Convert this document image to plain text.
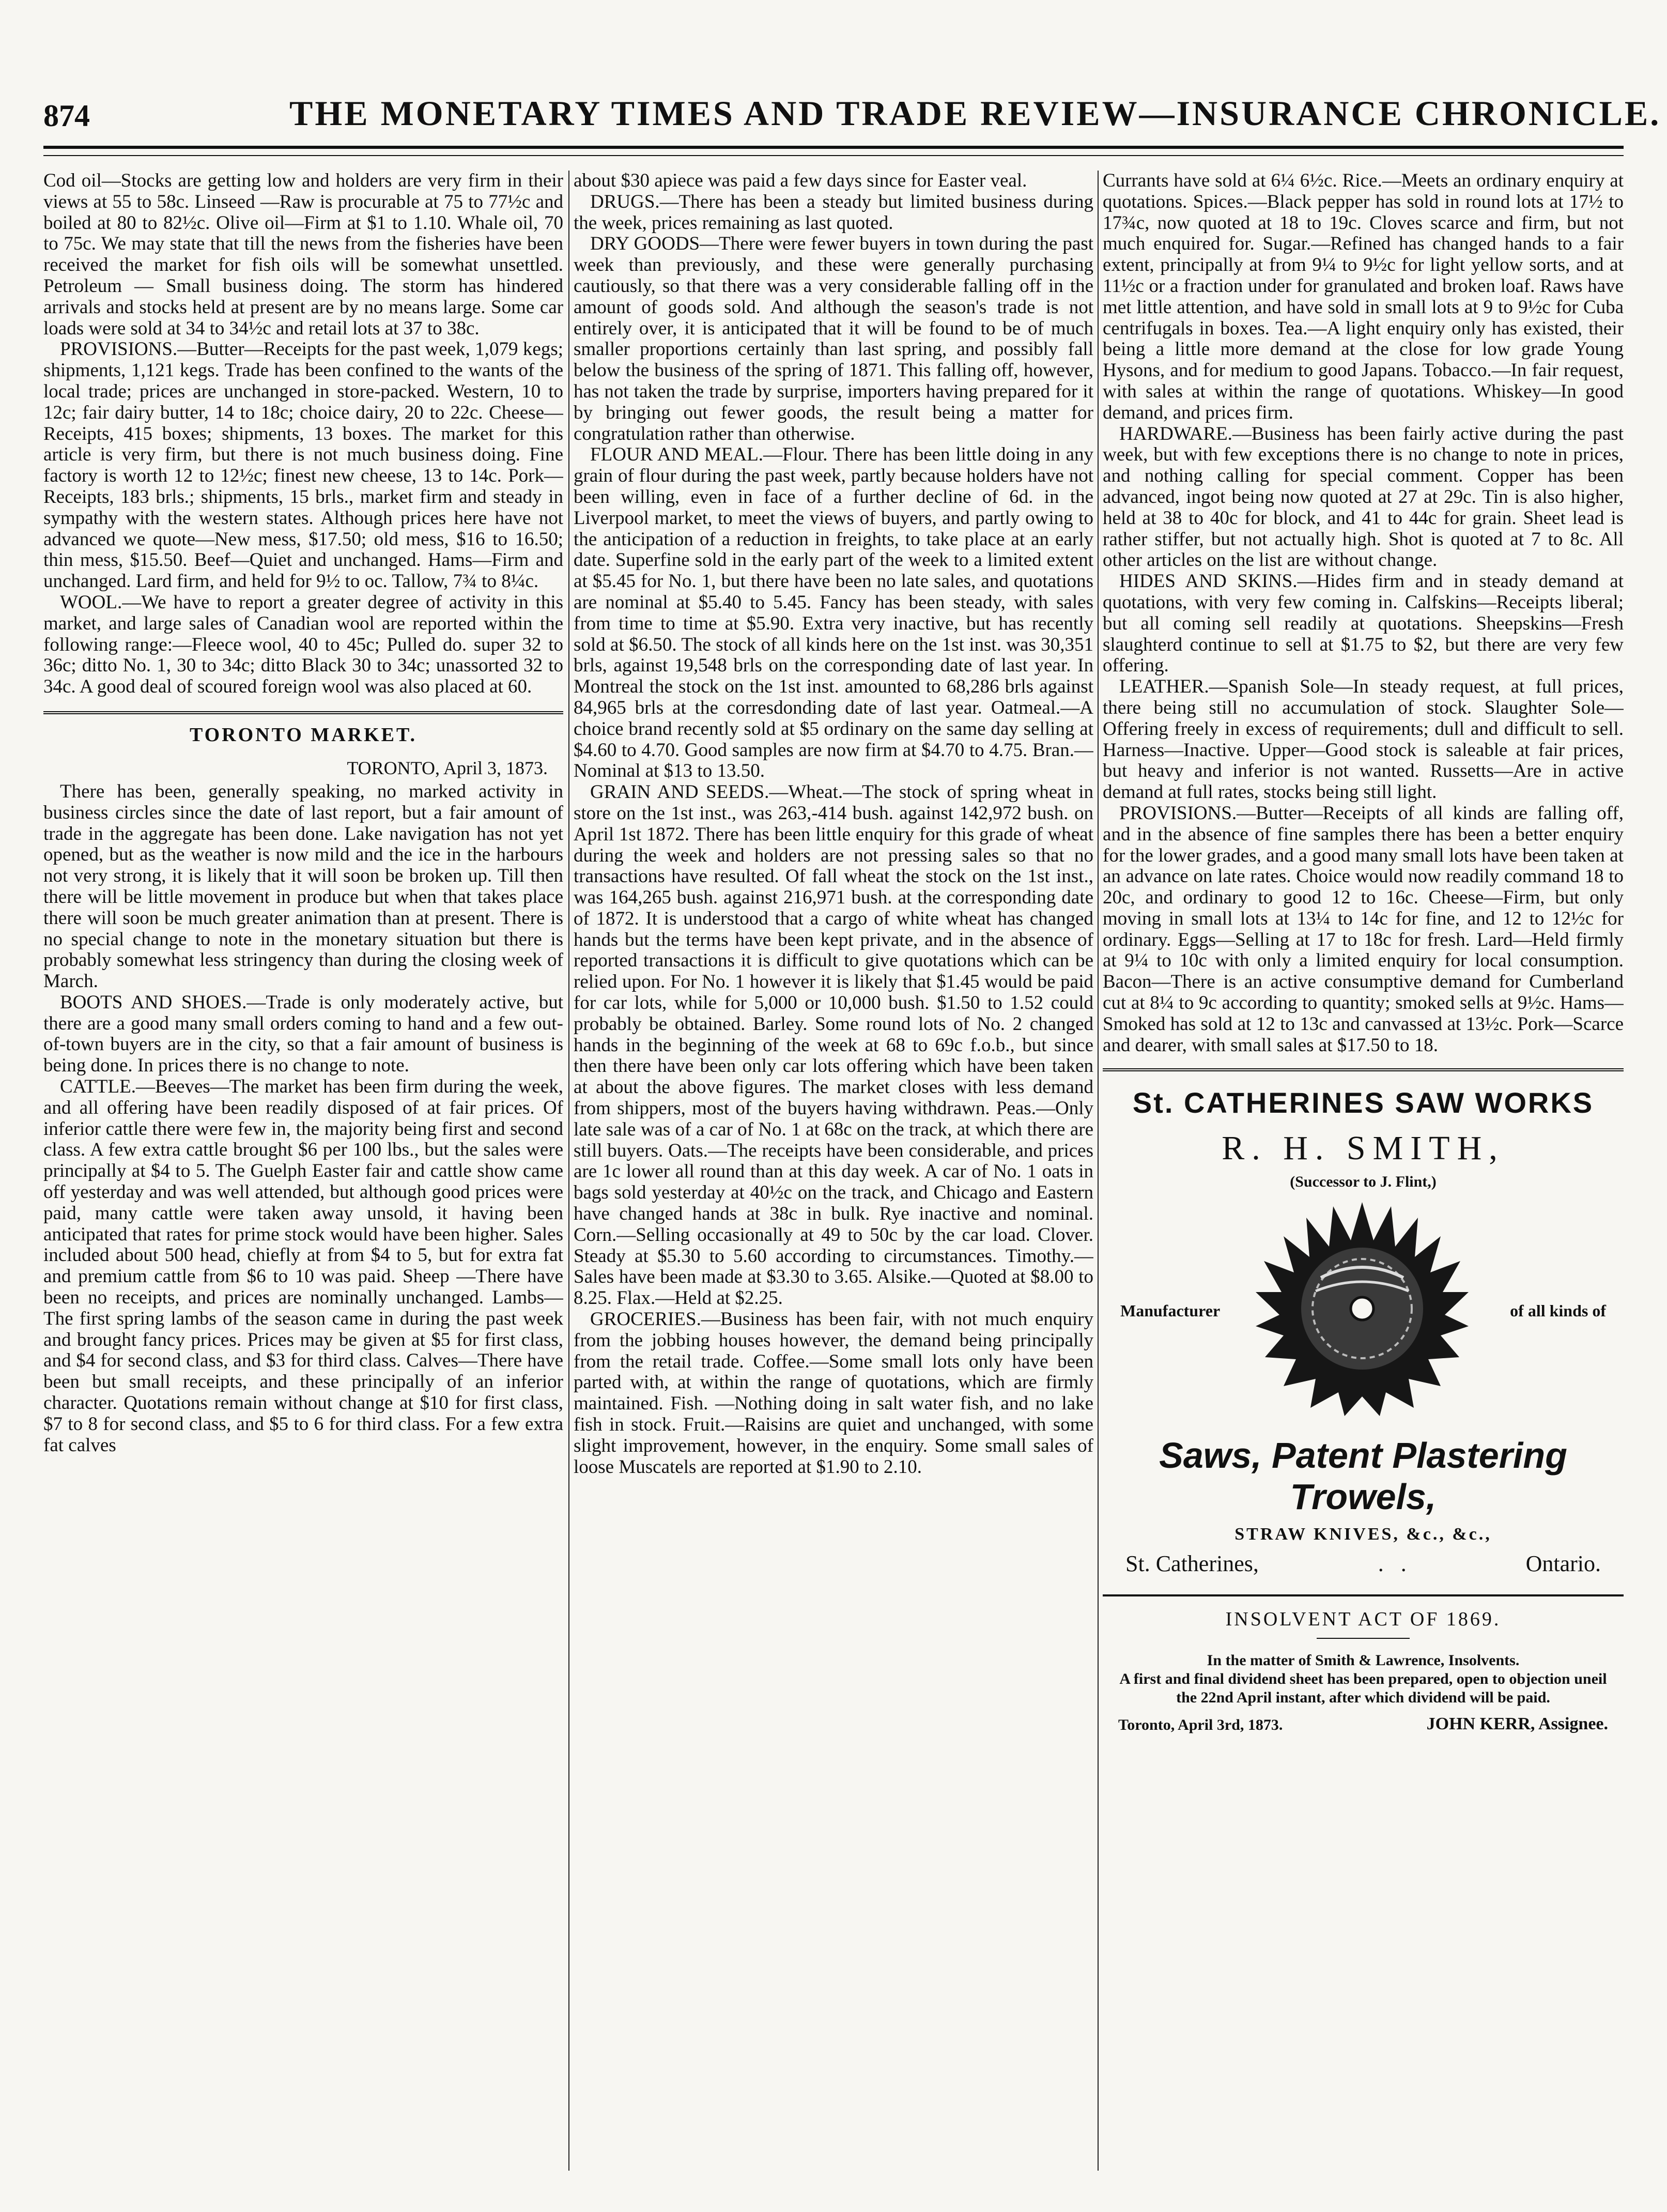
874	THE MONETARY TIMES AND TRADE REVIEW—INSURANCE CHRONICLE.

Cod oil—Stocks are getting low and holders are very firm in their views at 55 to 58c. Linseed —Raw is procurable at 75 to 77½c and boiled at 80 to 82½c. Olive oil—Firm at $1 to 1.10. Whale oil, 70 to 75c. We may state that till the news from the fisheries have been received the market for fish oils will be somewhat unsettled. Petroleum — Small business doing. The storm has hindered arrivals and stocks held at present are by no means large. Some car loads were sold at 34 to 34½c and retail lots at 37 to 38c.

PROVISIONS.—Butter—Receipts for the past week, 1,079 kegs; shipments, 1,121 kegs. Trade has been confined to the wants of the local trade; prices are unchanged in store-packed. Western, 10 to 12c; fair dairy butter, 14 to 18c; choice dairy, 20 to 22c. Cheese—Receipts, 415 boxes; shipments, 13 boxes. The market for this article is very firm, but there is not much business doing. Fine factory is worth 12 to 12½c; finest new cheese, 13 to 14c. Pork—Receipts, 183 brls.; shipments, 15 brls., market firm and steady in sympathy with the western states. Although prices here have not advanced we quote—New mess, $17.50; old mess, $16 to 16.50; thin mess, $15.50. Beef—Quiet and unchanged. Hams—Firm and unchanged. Lard firm, and held for 9½ to oc. Tallow, 7¾ to 8¼c.

WOOL.—We have to report a greater degree of activity in this market, and large sales of Canadian wool are reported within the following range:—Fleece wool, 40 to 45c; Pulled do. super 32 to 36c; ditto No. 1, 30 to 34c; ditto Black 30 to 34c; unassorted 32 to 34c. A good deal of scoured foreign wool was also placed at 60.

TORONTO MARKET.
TORONTO, April 3, 1873.

There has been, generally speaking, no marked activity in business circles since the date of last report, but a fair amount of trade in the aggregate has been done. Lake navigation has not yet opened, but as the weather is now mild and the ice in the harbours not very strong, it is likely that it will soon be broken up. Till then there will be little movement in produce but when that takes place there will soon be much greater animation than at present. There is no special change to note in the monetary situation but there is probably somewhat less stringency than during the closing week of March.

BOOTS AND SHOES.—Trade is only moderately active, but there are a good many small orders coming to hand and a few out-of-town buyers are in the city, so that a fair amount of business is being done. In prices there is no change to note.

CATTLE.—Beeves—The market has been firm during the week, and all offering have been readily disposed of at fair prices. Of inferior cattle there were few in, the majority being first and second class. A few extra cattle brought $6 per 100 lbs., but the sales were principally at $4 to 5. The Guelph Easter fair and cattle show came off yesterday and was well attended, but although good prices were paid, many cattle were taken away unsold, it having been anticipated that rates for prime stock would have been higher. Sales included about 500 head, chiefly at from $4 to 5, but for extra fat and premium cattle from $6 to 10 was paid. Sheep —There have been no receipts, and prices are nominally unchanged. Lambs—The first spring lambs of the season came in during the past week and brought fancy prices. Prices may be given at $5 for first class, and $4 for second class, and $3 for third class. Calves—There have been but small receipts, and these principally of an inferior character. Quotations remain without change at $10 for first class, $7 to 8 for second class, and $5 to 6 for third class. For a few extra fat calves

about $30 apiece was paid a few days since for Easter veal.

DRUGS.—There has been a steady but limited business during the week, prices remaining as last quoted.

DRY GOODS—There were fewer buyers in town during the past week than previously, and these were generally purchasing cautiously, so that there was a very considerable falling off in the amount of goods sold. And although the season's trade is not entirely over, it is anticipated that it will be found to be of much smaller proportions certainly than last spring, and possibly fall below the business of the spring of 1871. This falling off, however, has not taken the trade by surprise, importers having prepared for it by bringing out fewer goods, the result being a matter for congratulation rather than otherwise.

FLOUR AND MEAL.—Flour. There has been little doing in any grain of flour during the past week, partly because holders have not been willing, even in face of a further decline of 6d. in the Liverpool market, to meet the views of buyers, and partly owing to the anticipation of a reduction in freights, to take place at an early date. Superfine sold in the early part of the week to a limited extent at $5.45 for No. 1, but there have been no late sales, and quotations are nominal at $5.40 to 5.45. Fancy has been steady, with sales from time to time at $5.90. Extra very inactive, but has recently sold at $6.50. The stock of all kinds here on the 1st inst. was 30,351 brls, against 19,548 brls on the corresponding date of last year. In Montreal the stock on the 1st inst. amounted to 68,286 brls against 84,965 brls at the corresdonding date of last year. Oatmeal.—A choice brand recently sold at $5 ordinary on the same day selling at $4.60 to 4.70. Good samples are now firm at $4.70 to 4.75. Bran.—Nominal at $13 to 13.50.

GRAIN AND SEEDS.—Wheat.—The stock of spring wheat in store on the 1st inst., was 263,-414 bush. against 142,972 bush. on April 1st 1872. There has been little enquiry for this grade of wheat during the week and holders are not pressing sales so that no transactions have resulted. Of fall wheat the stock on the 1st inst., was 164,265 bush. against 216,971 bush. at the corresponding date of 1872. It is understood that a cargo of white wheat has changed hands but the terms have been kept private, and in the absence of reported transactions it is difficult to give quotations which can be relied upon. For No. 1 however it is likely that $1.45 would be paid for car lots, while for 5,000 or 10,000 bush. $1.50 to 1.52 could probably be obtained. Barley. Some round lots of No. 2 changed hands in the beginning of the week at 68 to 69c f.o.b., but since then there have been only car lots offering which have been taken at about the above figures. The market closes with less demand from shippers, most of the buyers having withdrawn. Peas.—Only late sale was of a car of No. 1 at 68c on the track, at which there are still buyers. Oats.—The receipts have been considerable, and prices are 1c lower all round than at this day week. A car of No. 1 oats in bags sold yesterday at 40½c on the track, and Chicago and Eastern have changed hands at 38c in bulk. Rye inactive and nominal. Corn.—Selling occasionally at 49 to 50c by the car load. Clover. Steady at $5.30 to 5.60 according to circumstances. Timothy.—Sales have been made at $3.30 to 3.65. Alsike.—Quoted at $8.00 to 8.25. Flax.—Held at $2.25.

GROCERIES.—Business has been fair, with not much enquiry from the jobbing houses however, the demand being principally from the retail trade. Coffee.—Some small lots only have been parted with, at within the range of quotations, which are firmly maintained. Fish. —Nothing doing in salt water fish, and no lake fish in stock. Fruit.—Raisins are quiet and unchanged, with some slight improvement, however, in the enquiry. Some small sales of loose Muscatels are reported at $1.90 to 2.10.

Currants have sold at 6¼ 6½c. Rice.—Meets an ordinary enquiry at quotations. Spices.—Black pepper has sold in round lots at 17½ to 17¾c, now quoted at 18 to 19c. Cloves scarce and firm, but not much enquired for. Sugar.—Refined has changed hands to a fair extent, principally at from 9¼ to 9½c for light yellow sorts, and at 11½c or a fraction under for granulated and broken loaf. Raws have met little attention, and have sold in small lots at 9 to 9½c for Cuba centrifugals in boxes. Tea.—A light enquiry only has existed, their being a little more demand at the close for low grade Young Hysons, and for medium to good Japans. Tobacco.—In fair request, with sales at within the range of quotations. Whiskey—In good demand, and prices firm.

HARDWARE.—Business has been fairly active during the past week, but with few exceptions there is no change to note in prices, and nothing calling for special comment. Copper has been advanced, ingot being now quoted at 27 at 29c. Tin is also higher, held at 38 to 40c for block, and 41 to 44c for grain. Sheet lead is rather stiffer, but not actually high. Shot is quoted at 7 to 8c. All other articles on the list are without change.

HIDES AND SKINS.—Hides firm and in steady demand at quotations, with very few coming in. Calfskins—Receipts liberal; but all coming sell readily at quotations. Sheepskins—Fresh slaughterd continue to sell at $1.75 to $2, but there are very few offering.

LEATHER.—Spanish Sole—In steady request, at full prices, there being still no accumulation of stock. Slaughter Sole—Offering freely in excess of requirements; dull and difficult to sell. Harness—Inactive. Upper—Good stock is saleable at fair prices, but heavy and inferior is not wanted. Russetts—Are in active demand at full rates, stocks being still light.

PROVISIONS.—Butter—Receipts of all kinds are falling off, and in the absence of fine samples there has been a better enquiry for the lower grades, and a good many small lots have been taken at an advance on late rates. Choice would now readily command 18 to 20c, and ordinary to good 12 to 16c. Cheese—Firm, but only moving in small lots at 13¼ to 14c for fine, and 12 to 12½c for ordinary. Eggs—Selling at 17 to 18c for fresh. Lard—Held firmly at 9¼ to 10c with only a limited enquiry for local consumption. Bacon—There is an active consumptive demand for Cumberland cut at 8¼ to 9c according to quantity; smoked sells at 9½c. Hams—Smoked has sold at 12 to 13c and canvassed at 13½c. Pork—Scarce and dearer, with small sales at $17.50 to 18.

St. CATHERINES SAW WORKS
R. H. SMITH,
(Successor to J. Flint,)
Manufacturer	of all kinds of
Saws, Patent Plastering Trowels,
STRAW KNIVES, &c., &c.,
St. Catherines,	.   .	Ontario.
INSOLVENT ACT OF 1869.
In the matter of Smith & Lawrence, Insolvents.
A first and final dividend sheet has been prepared, open to objection uneil the 22nd April instant, after which dividend will be paid.
Toronto, April 3rd, 1873.	JOHN KERR, Assignee.
